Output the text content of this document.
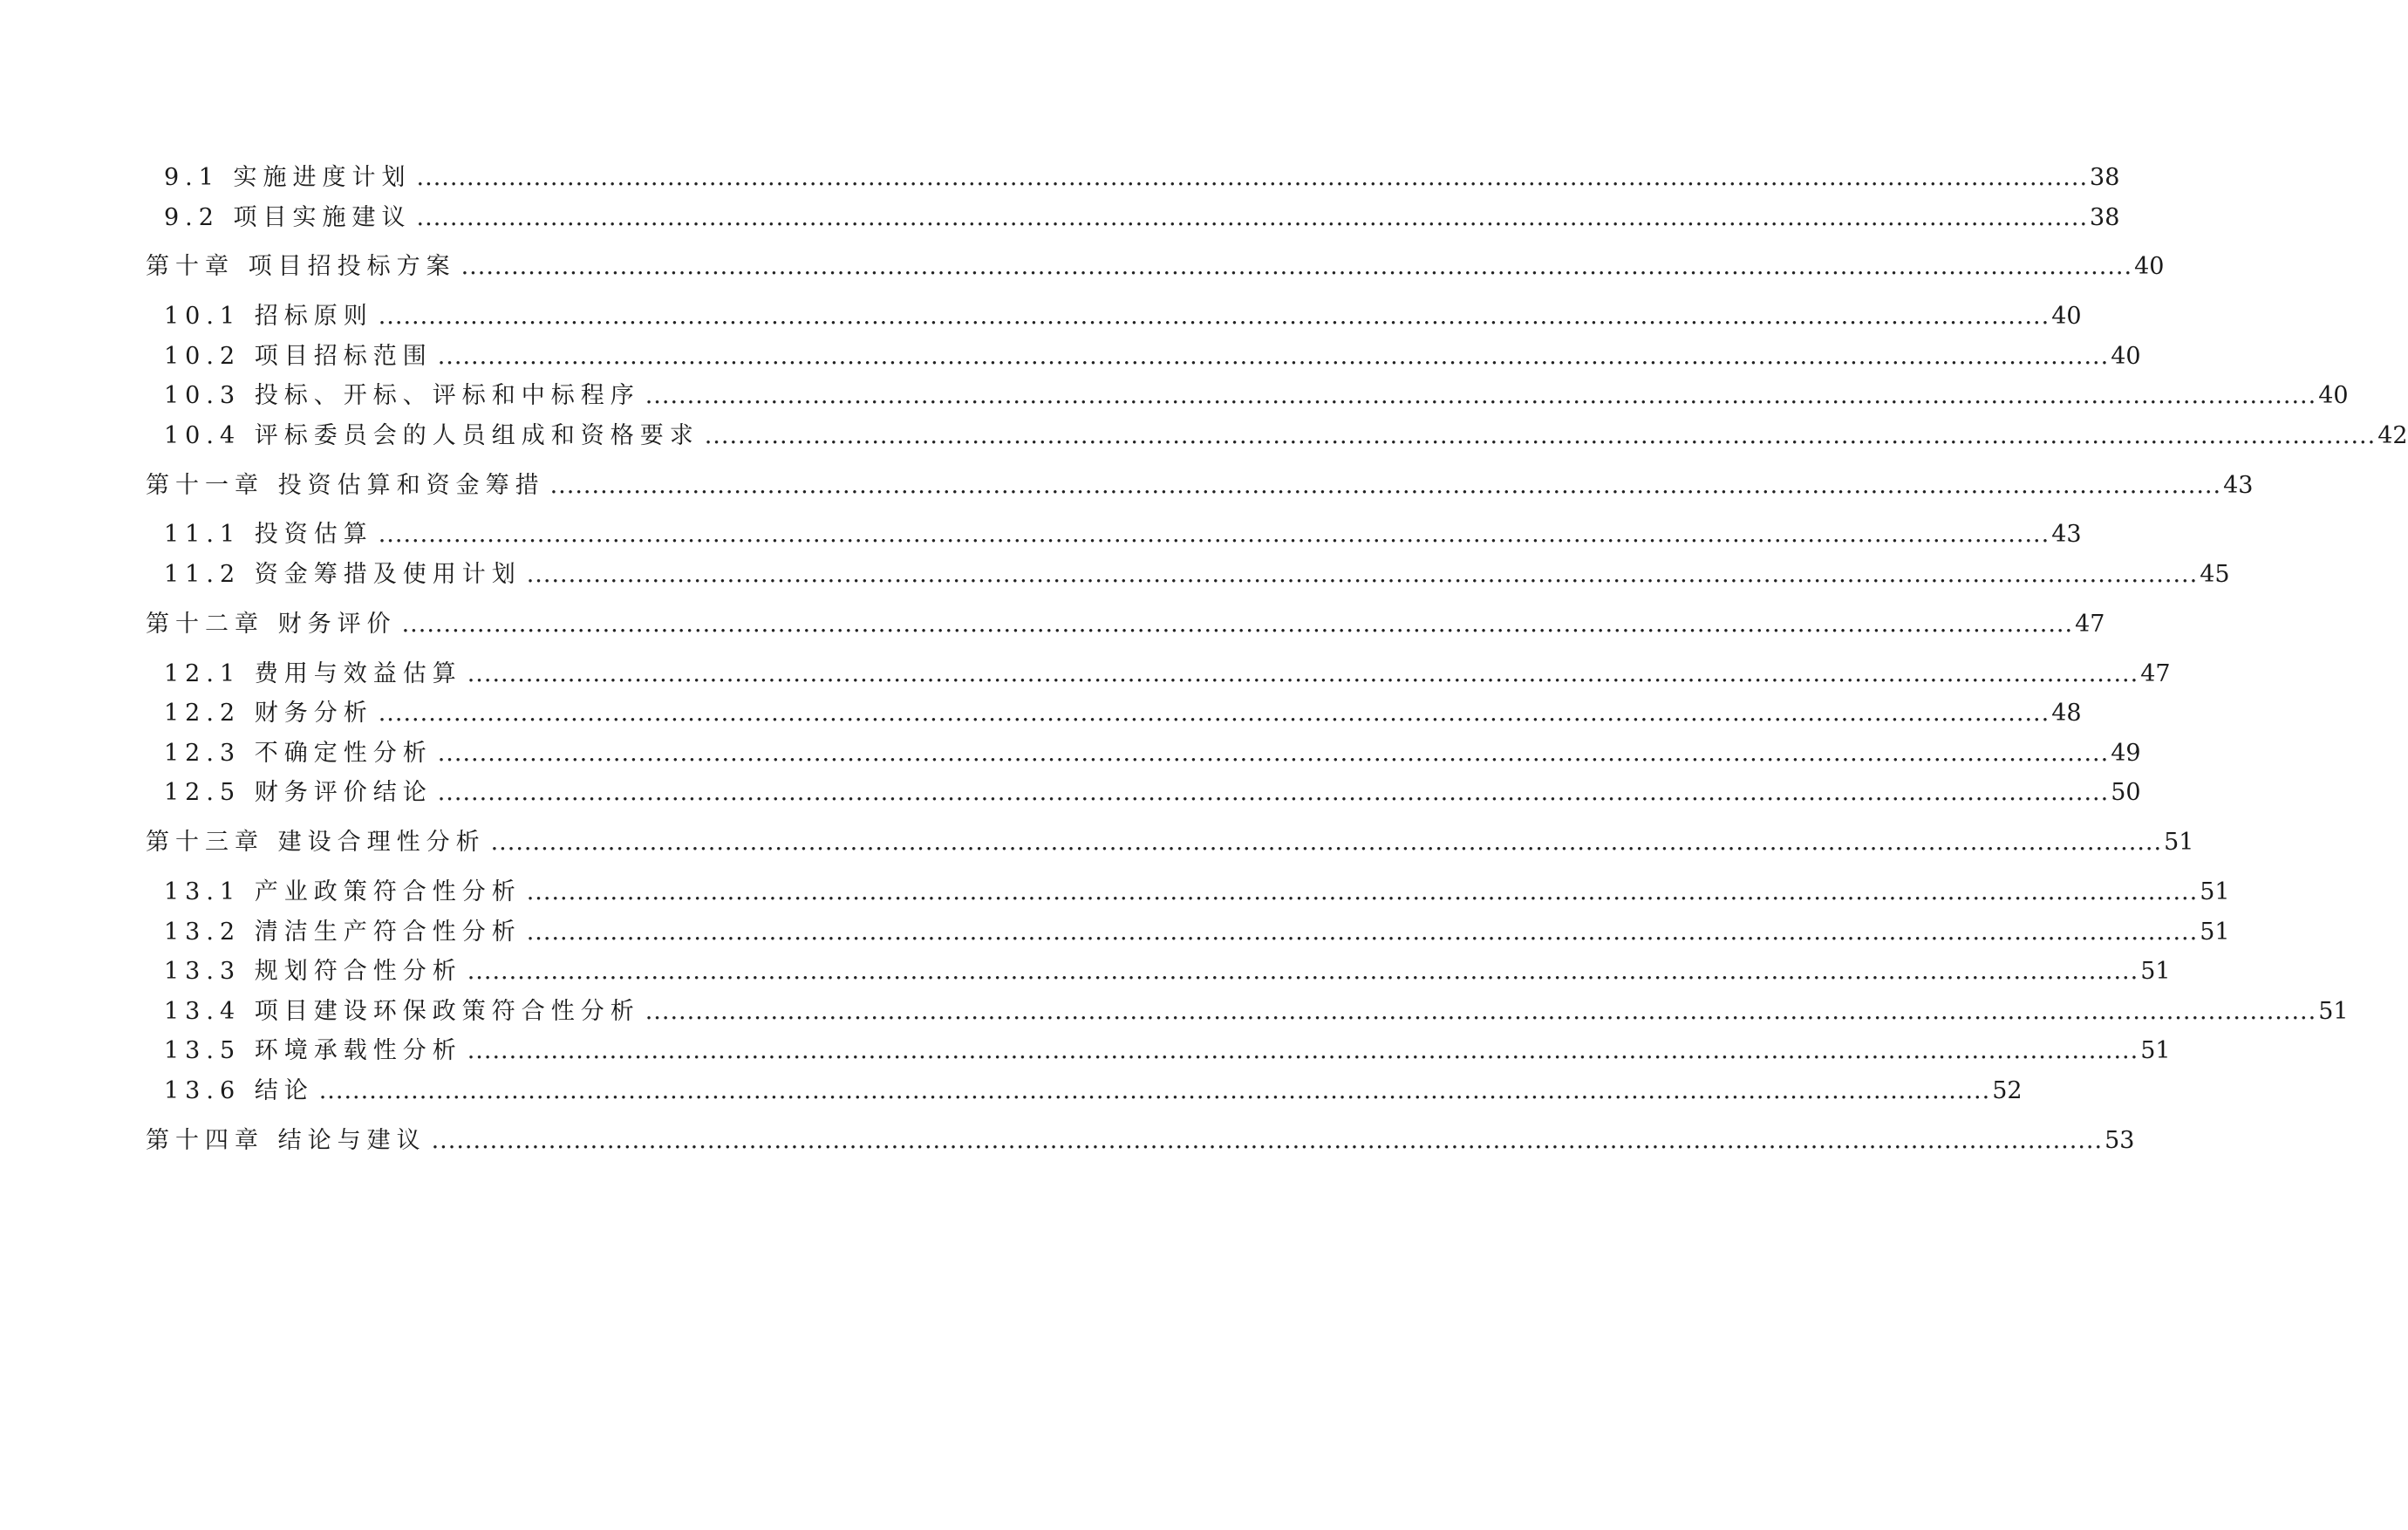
9.1 实施进度计划 ........................................................................................................................................................................................................ 38
9.2 项目实施建议 ........................................................................................................................................................................................................ 38
第十章 项目招投标方案 ........................................................................................................................................................................................................ 40
10.1 招标原则 ........................................................................................................................................................................................................ 40
10.2 项目招标范围 ........................................................................................................................................................................................................ 40
10.3 投标、开标、评标和中标程序 ........................................................................................................................................................................................................ 40
10.4 评标委员会的人员组成和资格要求 ........................................................................................................................................................................................................ 42
第十一章 投资估算和资金筹措 ........................................................................................................................................................................................................ 43
11.1 投资估算 ........................................................................................................................................................................................................ 43
11.2 资金筹措及使用计划 ........................................................................................................................................................................................................ 45
第十二章 财务评价 ........................................................................................................................................................................................................ 47
12.1 费用与效益估算 ........................................................................................................................................................................................................ 47
12.2 财务分析 ........................................................................................................................................................................................................ 48
12.3 不确定性分析 ........................................................................................................................................................................................................ 49
12.5 财务评价结论 ........................................................................................................................................................................................................ 50
第十三章 建设合理性分析 ........................................................................................................................................................................................................ 51
13.1 产业政策符合性分析 ........................................................................................................................................................................................................ 51
13.2 清洁生产符合性分析 ........................................................................................................................................................................................................ 51
13.3 规划符合性分析 ........................................................................................................................................................................................................ 51
13.4 项目建设环保政策符合性分析 ........................................................................................................................................................................................................ 51
13.5 环境承载性分析 ........................................................................................................................................................................................................ 51
13.6 结论 ........................................................................................................................................................................................................ 52
第十四章 结论与建议 ........................................................................................................................................................................................................ 53
